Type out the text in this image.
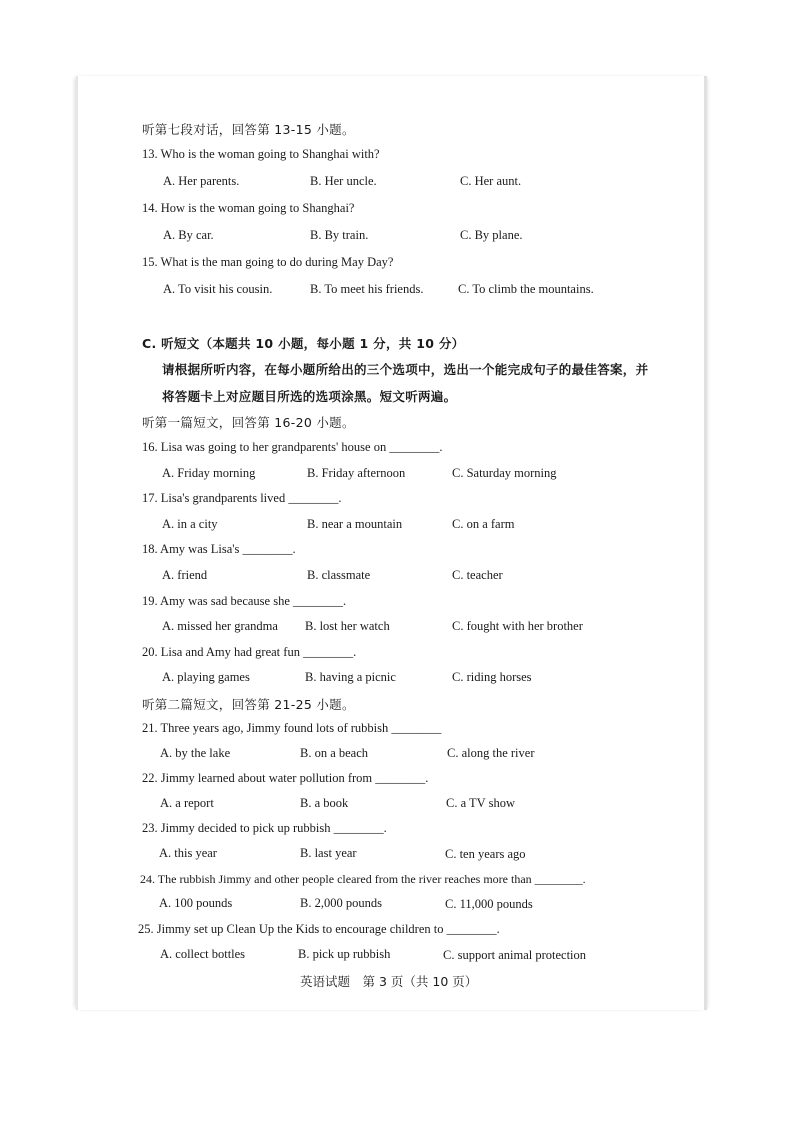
听第七段对话，回答第 13-15 小题。
13. Who is the woman going to Shanghai with?
A. Her parents.	B. Her uncle.	C. Her aunt.
14. How is the woman going to Shanghai?
A. By car.	B. By train.	C. By plane.
15. What is the man going to do during May Day?
A. To visit his cousin.	B. To meet his friends.	C. To climb the mountains.
C. 听短文（本题共 10 小题，每小题 1 分，共 10 分）
请根据所听内容，在每小题所给出的三个选项中，选出一个能完成句子的最佳答案，并
将答题卡上对应题目所选的选项涂黑。短文听两遍。
听第一篇短文，回答第 16-20 小题。
16. Lisa was going to her grandparents' house on ________.
A. Friday morning	B. Friday afternoon	C. Saturday morning
17. Lisa's grandparents lived ________.
A. in a city	B. near a mountain	C. on a farm
18. Amy was Lisa's ________.
A. friend	B. classmate	C. teacher
19. Amy was sad because she ________.
A. missed her grandma B. lost her watch	C. fought with her brother
20. Lisa and Amy had great fun ________.
A. playing games	B. having a picnic	C. riding horses
听第二篇短文，回答第 21-25 小题。
21. Three years ago, Jimmy found lots of rubbish ________
A. by the lake	B. on a beach	C. along the river
22. Jimmy learned about water pollution from ________.
A. a report	B. a book	C. a TV show
23. Jimmy decided to pick up rubbish ________.
A. this year	B. last year	C. ten years ago
24. The rubbish Jimmy and other people cleared from the river reaches more than ________.
A. 100 pounds	B. 2,000 pounds	C. 11,000 pounds
25. Jimmy set up Clean Up the Kids to encourage children to ________.
A. collect bottles	B. pick up rubbish	C. support animal protection
英语试题　第 3 页（共 10 页）
